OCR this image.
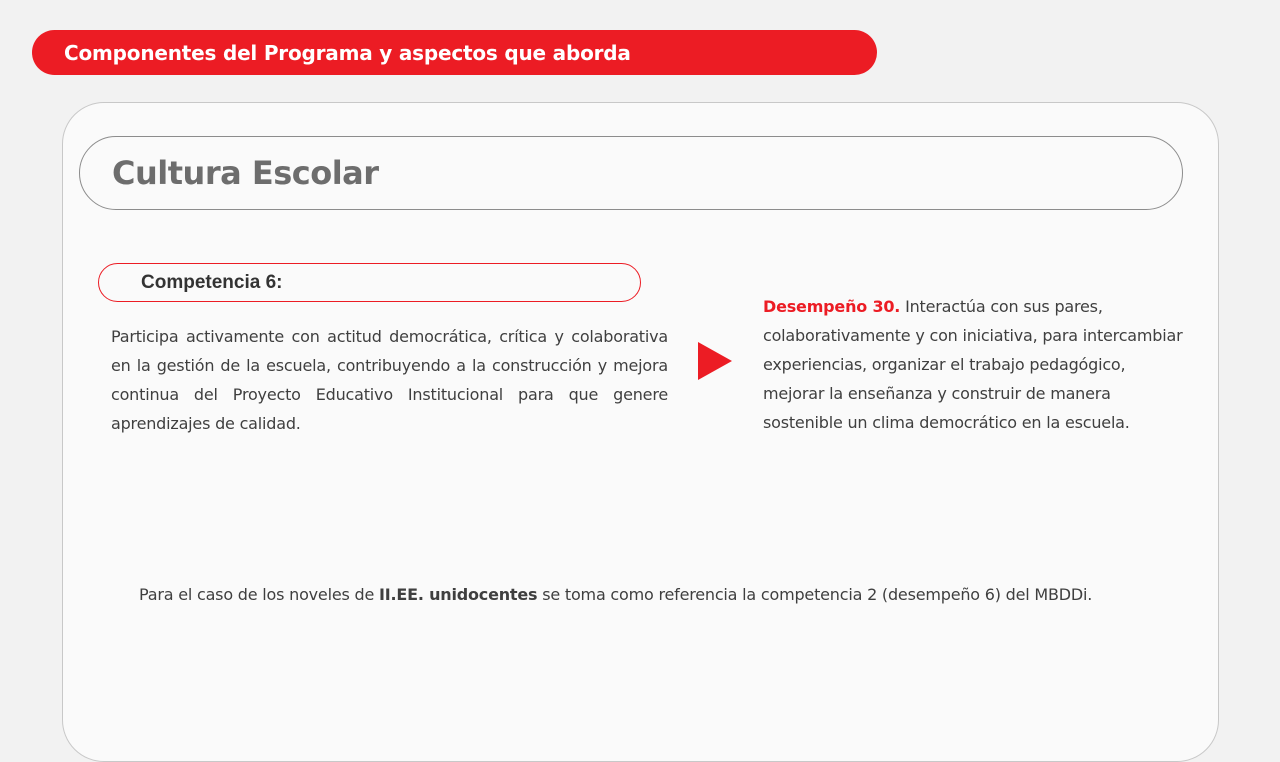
Componentes del Programa y aspectos que aborda
Cultura Escolar
Competencia 6:

Participa activamente con actitud democrática, crítica y colaborativa en la gestión de la escuela, contribuyendo a la construcción y mejora continua del Proyecto Educativo Institucional para que genere aprendizajes de calidad.

Desempeño 30. Interactúa con sus pares, colaborativamente y con iniciativa, para intercambiar experiencias, organizar el trabajo pedagógico, mejorar la enseñanza y construir de manera sostenible un clima democrático en la escuela.

Para el caso de los noveles de II.EE. unidocentes se toma como referencia la competencia 2 (desempeño 6) del MBDDi.
